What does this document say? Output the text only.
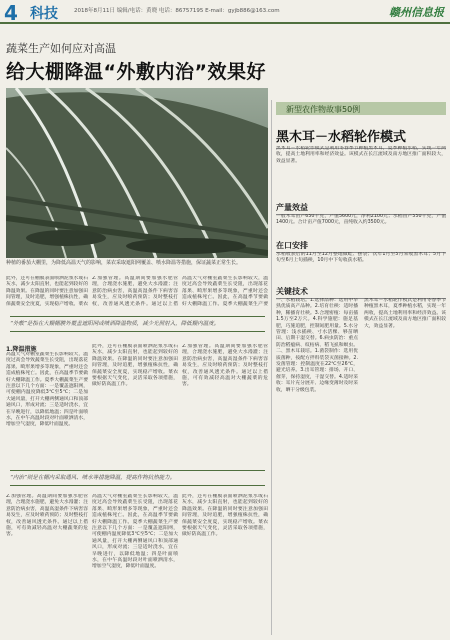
4 科技	2018年8月11日 编辑/电话：黄晓 电话：86757195 E-mail：gyjb886@163.com	赣州信息报
蔬菜生产如何应对高温
给大棚降温“外敷内治”效果好
种植的番茄大棚里，为降低高温天气的影响，菜农采取遮阳网覆盖、喷水降温等措施，保证蔬菜正常生长。
此外，还可在棚膜表面喷洒泥浆水或石灰水，减少太阳直射，也能起到较好的降温效果。在降温的同时要注意加强田间管理，及时追肥，增强植株抗性，确保蔬菜安全度夏，实现稳产增收。菜农
2.加强管理。高温期间要加强水肥管理，合理浇水施肥，避免大水漫灌；注意防治病虫害，高温高湿条件下病害容易发生，应及时喷药预防；及时整枝打杈，改善通风透光条件。通过以上措
高温天气对棚室蔬菜生长影响较大，温度过高会导致蔬菜生长受阻，出现落花落果、畸形果增多等现象，严重时还会造成植株死亡。因此，在高温季节要做好大棚降温工作。夏季大棚蔬菜生产要
“外敷”是指在大棚棚膜外覆盖遮阳网或喷洒降温物质，减少光照射入，降低棚内温度。
1.降温措施
高温天气对棚室蔬菜生长影响较大，温度过高会导致蔬菜生长受阻，出现落花落果、畸形果增多等现象，严重时还会造成植株死亡。因此，在高温季节要做好大棚降温工作。夏季大棚蔬菜生产要注意以下几个方面：一是覆盖遮阳网，可使棚内温度降低3℃至5℃；二是加大通风量，打开大棚两侧通风口和顶部通风口，形成对流；三是适时浇水，宜在早晚进行，以降低地温；四是叶面喷水，在中午高温时段对叶面喷洒清水，增加空气湿度，降低叶面温度。
此外，还可在棚膜表面喷洒泥浆水或石灰水，减少太阳直射，也能起到较好的降温效果。在降温的同时要注意加强田间管理，及时追肥，增强植株抗性，确保蔬菜安全度夏，实现稳产增收。菜农要根据天气变化，灵活采取各项措施，做好防高温工作。
2.加强管理。高温期间要加强水肥管理，合理浇水施肥，避免大水漫灌；注意防治病虫害，高温高湿条件下病害容易发生，应及时喷药预防；及时整枝打杈，改善通风透光条件。通过以上措施，可有效减轻高温对大棚蔬菜的危害。
“内治”则是在棚内采取通风、喷水等措施降温，提高作物抗热能力。
2.加强管理。高温期间要加强水肥管理，合理浇水施肥，避免大水漫灌；注意防治病虫害，高温高湿条件下病害容易发生，应及时喷药预防；及时整枝打杈，改善通风透光条件。通过以上措施，可有效减轻高温对大棚蔬菜的危害。
高温天气对棚室蔬菜生长影响较大，温度过高会导致蔬菜生长受阻，出现落花落果、畸形果增多等现象，严重时还会造成植株死亡。因此，在高温季节要做好大棚降温工作。夏季大棚蔬菜生产要注意以下几个方面：一是覆盖遮阳网，可使棚内温度降低3℃至5℃；二是加大通风量，打开大棚两侧通风口和顶部通风口，形成对流；三是适时浇水，宜在早晚进行，以降低地温；四是叶面喷水，在中午高温时段对叶面喷洒清水，增加空气湿度，降低叶面温度。
此外，还可在棚膜表面喷洒泥浆水或石灰水，减少太阳直射，也能起到较好的降温效果。在降温的同时要注意加强田间管理，及时追肥，增强植株抗性，确保蔬菜安全度夏，实现稳产增收。菜农要根据天气变化，灵活采取各项措施，做好防高温工作。
新型农作物故事50例
黑木耳－水稻轮作模式
黑木耳－水稻轮作模式是利用冬春季节种植黑木耳，夏季种植水稻，实现一年两收，提高土地利用率和经济效益。该模式在长江流域及南方地区推广面积较大，效益显著。
产量效益
一般木耳亩产650千克，产值5600元，净利2100元；水稻亩产550千克，产值1400元。合计亩产值7000元，亩纯收入约3500元。
在口安排
水稻收获后的11月至12月整地做畦、摆袋；次年1月至5月采收黑木耳；5月下旬至6月上旬插秧，10月中下旬收获水稻。
关键技术
一、水稻栽培。1.选择品种：选用中早熟优质高产品种。2.培育壮秧：适时播种，稀播育壮秧。3.合理密植：每亩插1.5万至2万穴。4.科学施肥：施足基肥，巧施追肥，控制氮肥用量。5.水分管理：浅水插秧、寸水活棵、够苗晒田、后期干湿交替。6.病虫防治：重点防治稻瘟病、纹枯病、稻飞虱和螟虫。二、黑木耳栽培。1.菌袋制作：选用优质菌种，按配方拌料装袋灭菌接种。2.发菌管理：控制温度在22℃至26℃，避光培养。3.出耳管理：排场、开口、催芽，保持湿度，干湿交替。4.适时采收：耳片充分展开、边缘变薄时及时采收，晒干分级包装。
黑木耳－水稻轮作模式是利用冬春季节种植黑木耳，夏季种植水稻，实现一年两收，提高土地利用率和经济效益。该模式在长江流域及南方地区推广面积较大，效益显著。
